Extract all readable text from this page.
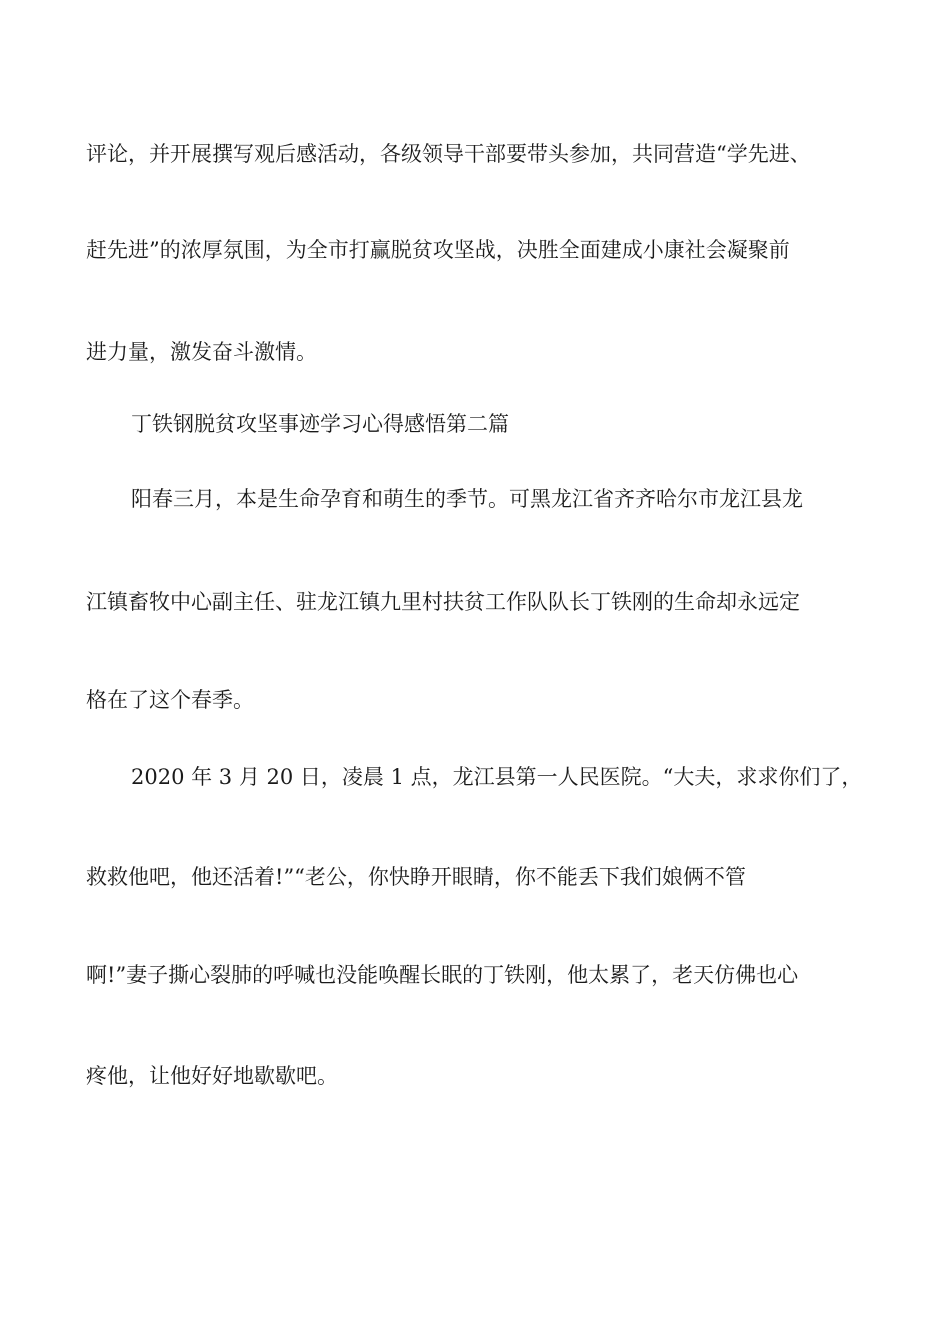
评论，并开展撰写观后感活动，各级领导干部要带头参加，共同营造“学先进、

赶先进”的浓厚氛围，为全市打赢脱贫攻坚战，决胜全面建成小康社会凝聚前

进力量，激发奋斗激情。

丁铁钢脱贫攻坚事迹学习心得感悟第二篇

阳春三月，本是生命孕育和萌生的季节。可黑龙江省齐齐哈尔市龙江县龙

江镇畜牧中心副主任、驻龙江镇九里村扶贫工作队队长丁铁刚的生命却永远定

格在了这个春季。

2020 年 3 月 20 日，凌晨 1 点，龙江县第一人民医院。“大夫，求求你们了，

救救他吧，他还活着!”“老公，你快睁开眼睛，你不能丢下我们娘俩不管

啊!”妻子撕心裂肺的呼喊也没能唤醒长眠的丁铁刚，他太累了，老天仿佛也心

疼他，让他好好地歇歇吧。
